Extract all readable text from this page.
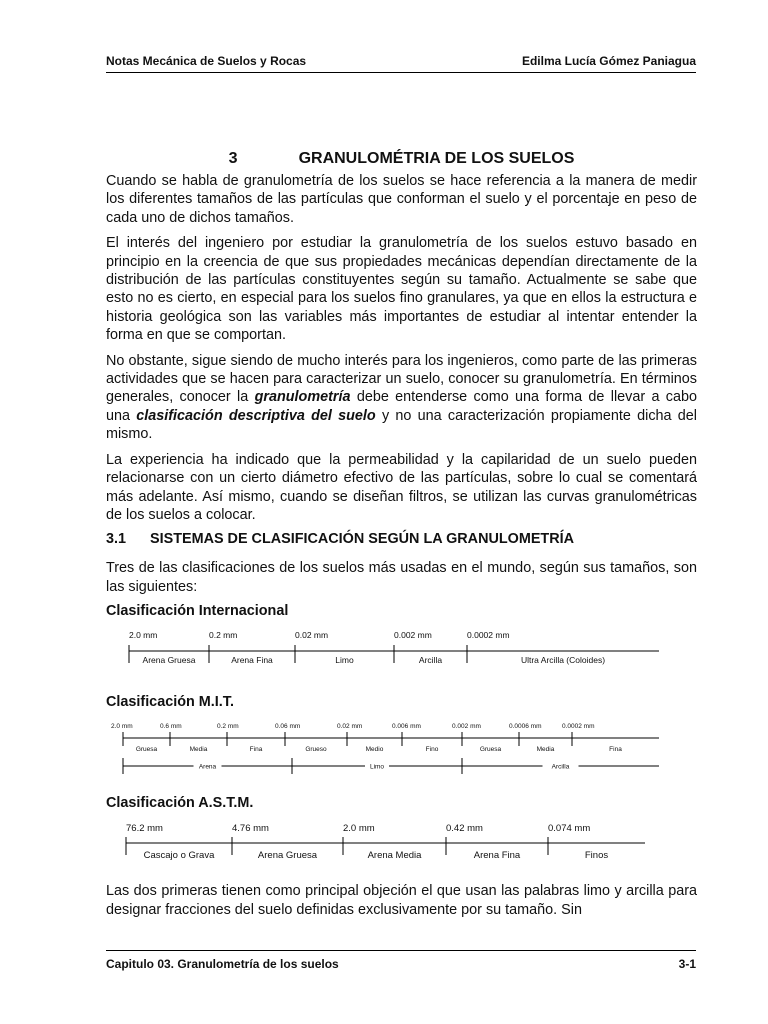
Notas Mecánica de Suelos y Rocas	Edilma Lucía Gómez Paniagua
3	GRANULOMÉTRIA DE LOS SUELOS

Cuando se habla de granulometría de los suelos se hace referencia a la manera de medir los diferentes tamaños de las partículas que conforman el suelo y el porcentaje en peso de cada uno de dichos tamaños.

El interés del ingeniero por estudiar la granulometría de los suelos estuvo basado en principio en la creencia de que sus propiedades mecánicas dependían directamente de la distribución de las partículas constituyentes según su tamaño. Actualmente se sabe que esto no es cierto, en especial para los suelos fino granulares, ya que en ellos la estructura e historia geológica son las variables más importantes de estudiar al intentar entender la forma en que se comportan.

No obstante, sigue siendo de mucho interés para los ingenieros, como parte de las primeras actividades que se hacen para caracterizar un suelo, conocer su granulometría. En términos generales, conocer la granulometría debe entenderse como una forma de llevar a cabo una clasificación descriptiva del suelo y no una caracterización propiamente dicha del mismo.

La experiencia ha indicado que la permeabilidad y la capilaridad de un suelo pueden relacionarse con un cierto diámetro efectivo de las partículas, sobre lo cual se comentará más adelante. Así mismo, cuando se diseñan filtros, se utilizan las curvas granulométricas de los suelos a colocar.

3.1 SISTEMAS DE CLASIFICACIÓN SEGÚN LA GRANULOMETRÍA

Tres de las clasificaciones de los suelos más usadas en el mundo, según sus tamaños, son las siguientes:

Clasificación Internacional
2.0 mm	0.2 mm	0.02 mm	0.002 mm	0.0002 mm
Arena Gruesa	Arena Fina	Limo	Arcilla	Ultra Arcilla (Coloides)
Clasificación M.I.T.
2.0 mm	0.6 mm	0.2 mm	0.06 mm	0.02 mm	0.006 mm	0.002 mm	0.0006 mm	0.0002 mm
Gruesa	Media	Fina	Grueso	Medio	Fino	Gruesa	Media	Fina
Arena	Limo	Arcilla
Clasificación A.S.T.M.
76.2 mm	4.76 mm	2.0 mm	0.42 mm	0.074 mm
Cascajo o Grava	Arena Gruesa	Arena Media	Arena Fina	Finos

Las dos primeras tienen como principal objeción el que usan las palabras limo y arcilla para designar fracciones del suelo definidas exclusivamente por su tamaño. Sin

Capitulo 03. Granulometría de los suelos	3-1
